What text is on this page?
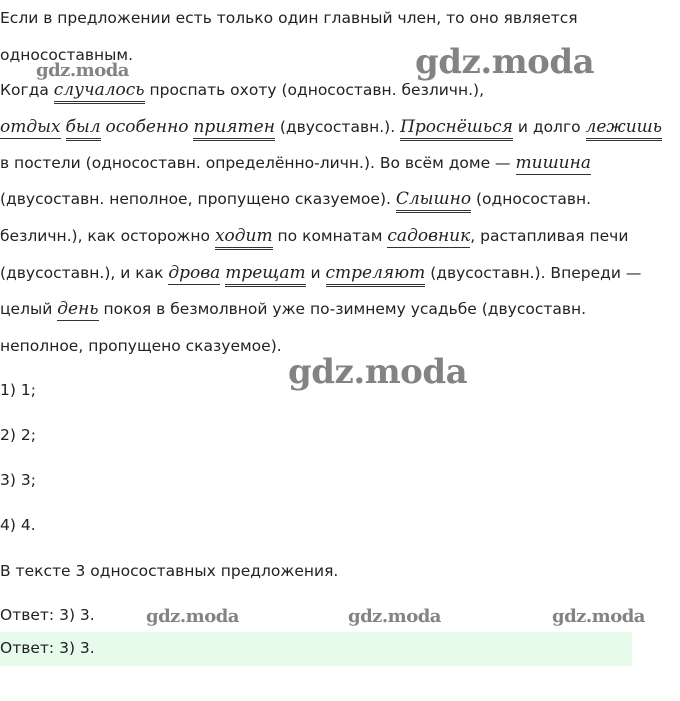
Если в предложении есть только один главный член, то оно является
односоставным.
Когда случалось проспать охоту (односоставн. безличн.),
отдых был особенно приятен (двусоставн.). Проснёшься и долго лежишь
в постели (односоставн. определённо-личн.). Во всём доме — тишина
(двусоставн. неполное, пропущено сказуемое). Слышно (односоставн.
безличн.), как осторожно ходит по комнатам садовник, растапливая печи
(двусоставн.), и как дрова трещат и стреляют (двусоставн.). Впереди —
целый день покоя в безмолвной уже по-зимнему усадьбе (двусоставн.
неполное, пропущено сказуемое).
1) 1;
2) 2;
3) 3;
4) 4.
В тексте 3 односоставных предложения.
Ответ: 3) 3.
Ответ: 3) 3.
gdz.moda	gdz.moda
gdz.moda
gdz.moda	gdz.moda	gdz.moda
